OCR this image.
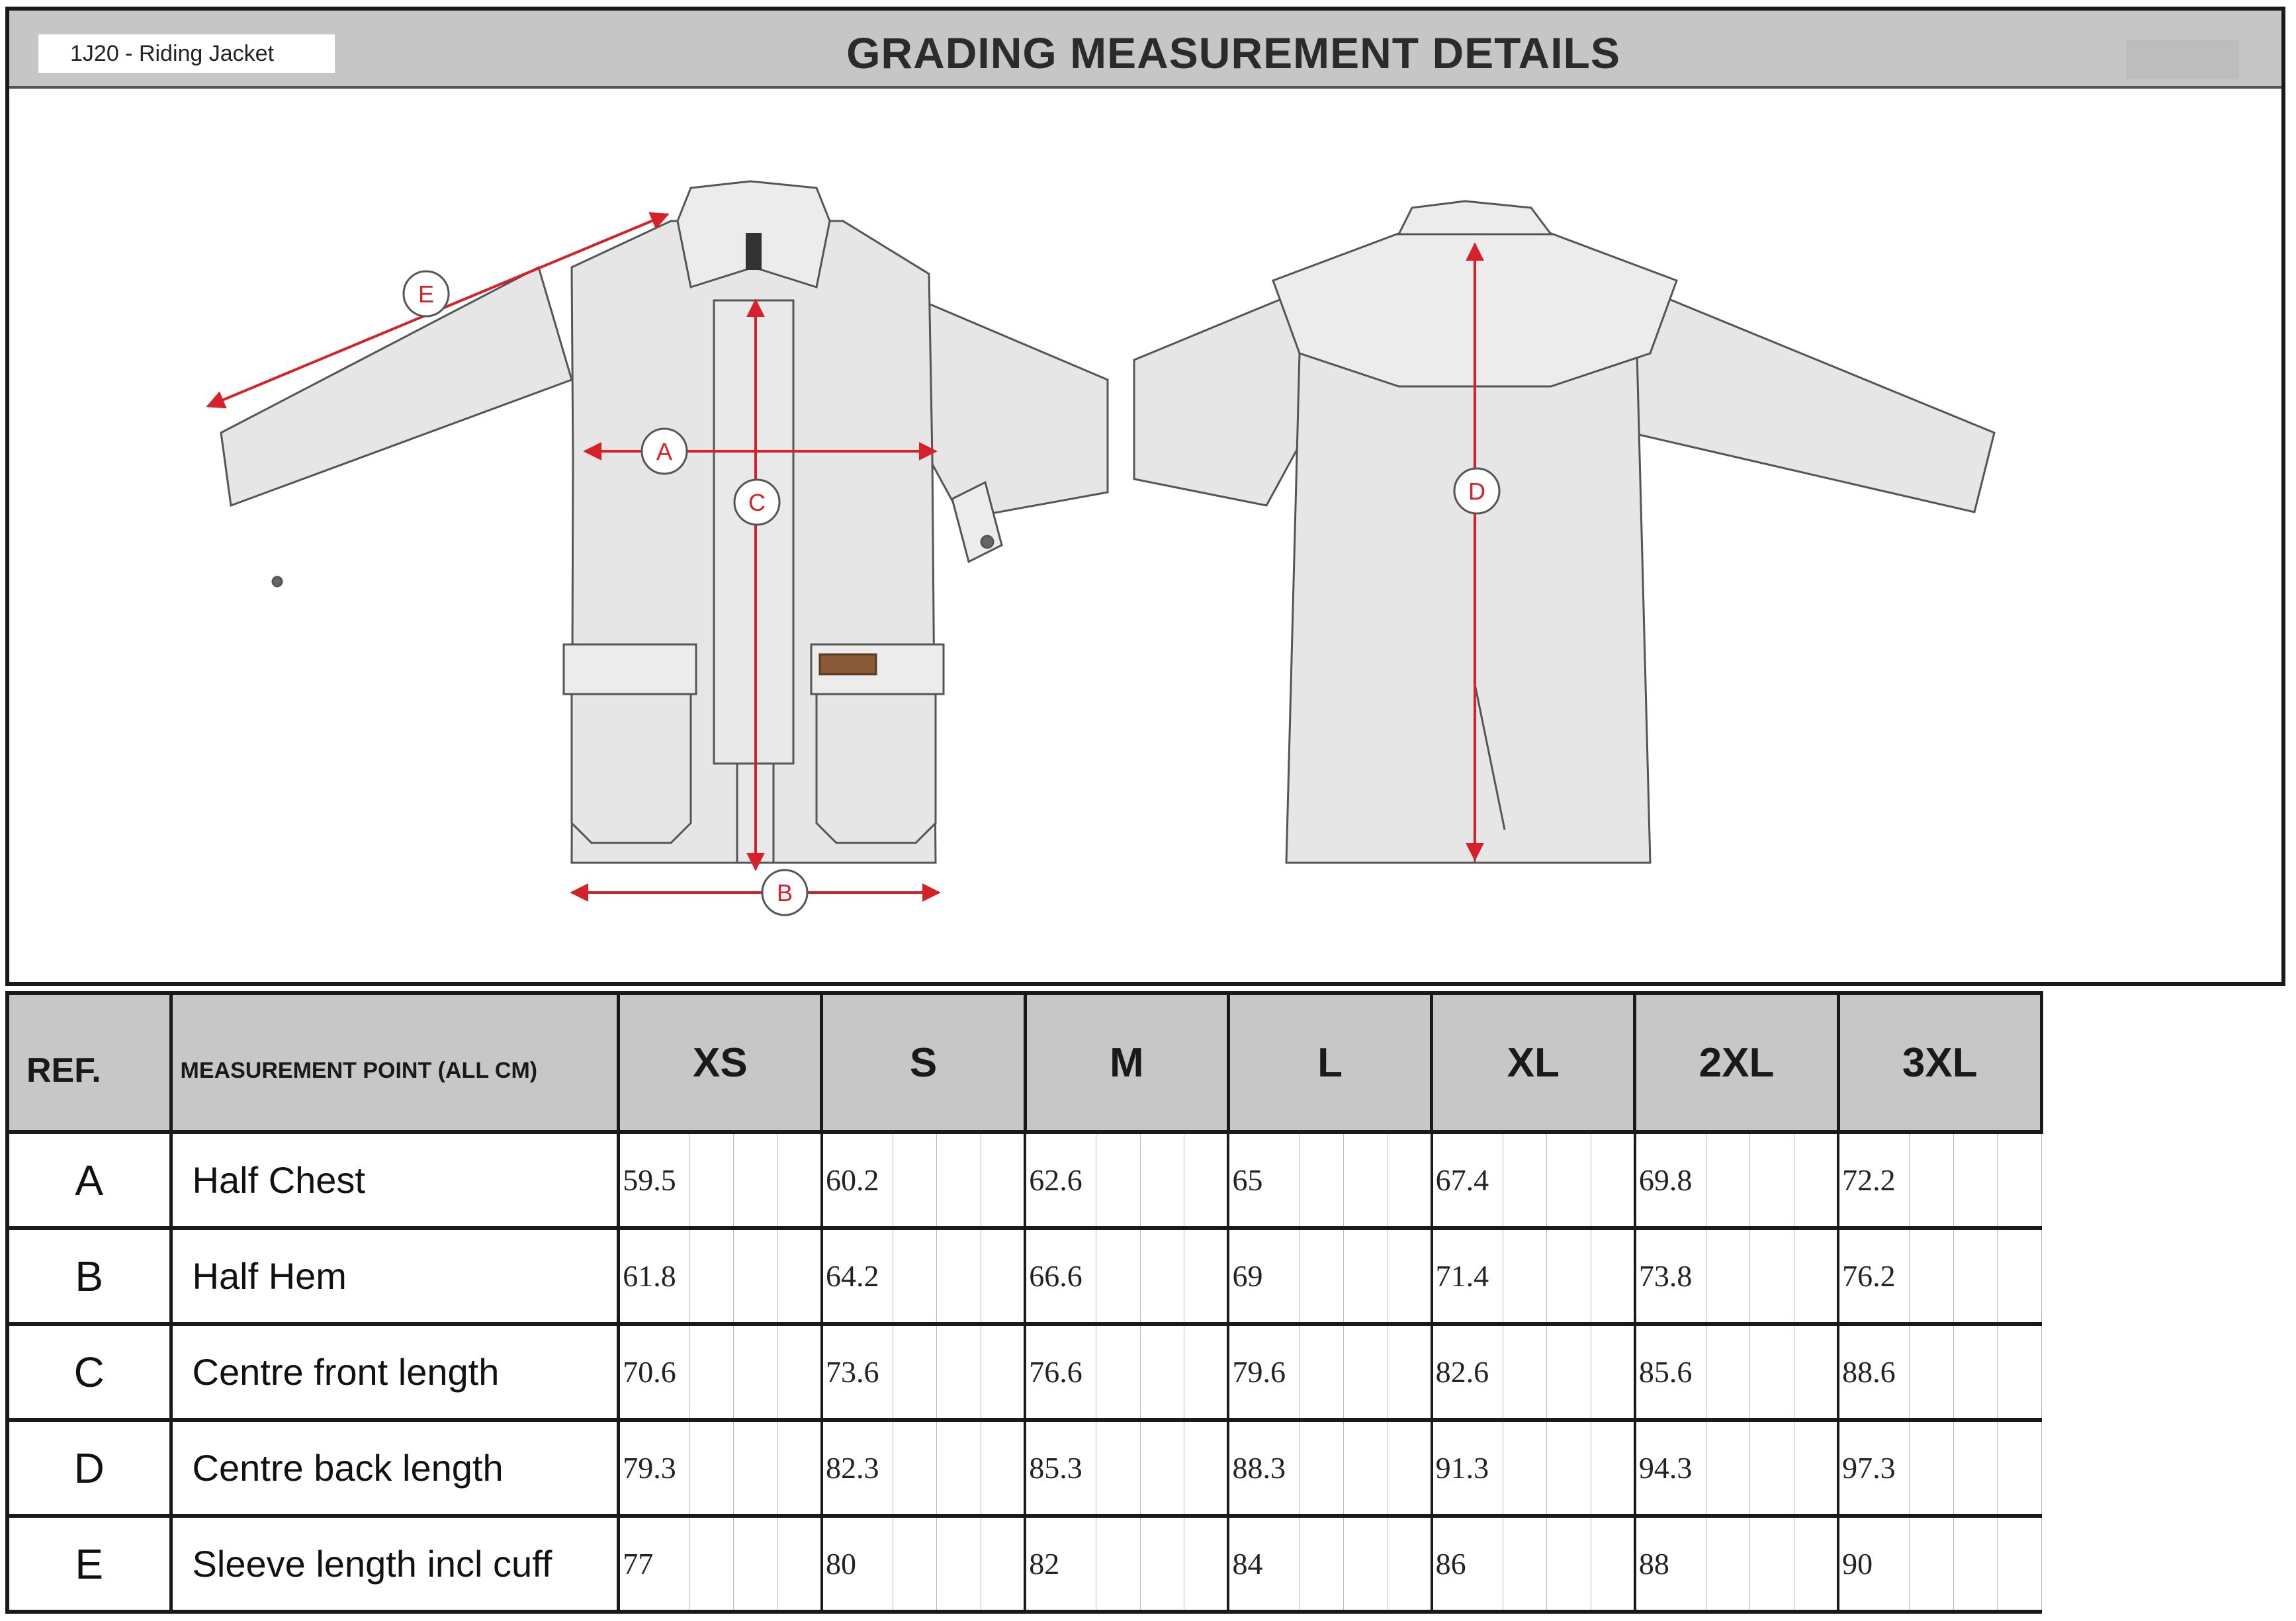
1J20 - Riding Jacket	GRADING MEASUREMENT DETAILS
E
A
C
B
D
REF.	MEASUREMENT POINT (ALL CM)	XS				S				M				L				XL				2XL				3XL			
A	Half Chest	59.5				60.2				62.6				65				67.4				69.8				72.2			
B	Half Hem	61.8				64.2				66.6				69				71.4				73.8				76.2			
C	Centre front length	70.6				73.6				76.6				79.6				82.6				85.6				88.6			
D	Centre back length	79.3				82.3				85.3				88.3				91.3				94.3				97.3			
E	Sleeve length incl cuff	77				80				82				84				86				88				90			
